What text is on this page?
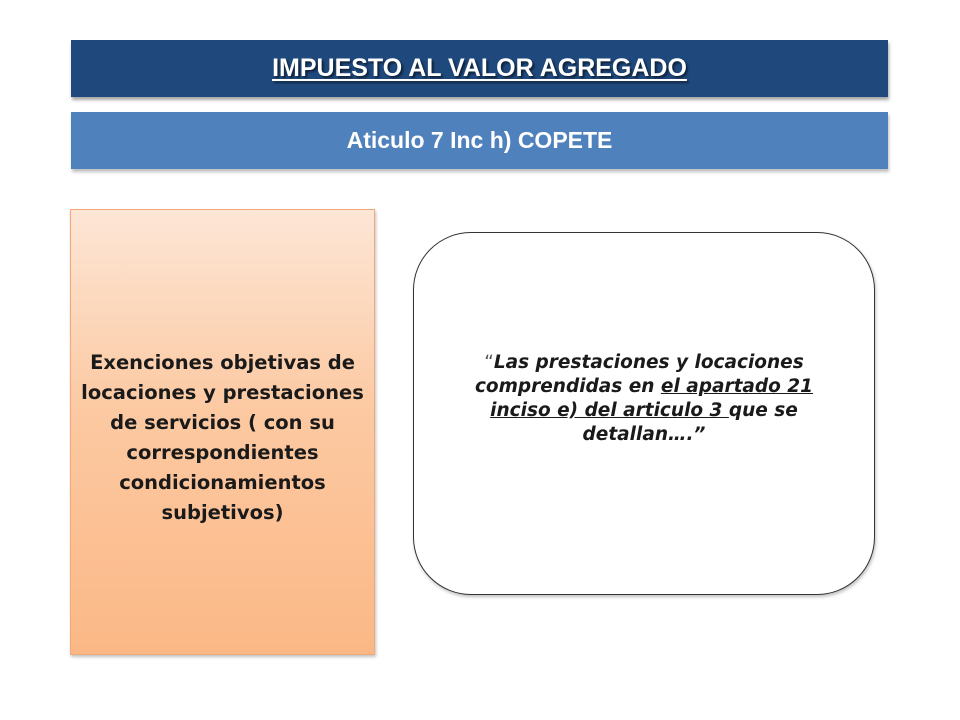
IMPUESTO AL VALOR AGREGADO
Aticulo 7 Inc h) COPETE
Exenciones objetivas de locaciones y prestaciones de servicios ( con su correspondientes condicionamientos subjetivos)
“Las prestaciones y locaciones comprendidas en el apartado 21 inciso e) del articulo 3 que se detallan….”
